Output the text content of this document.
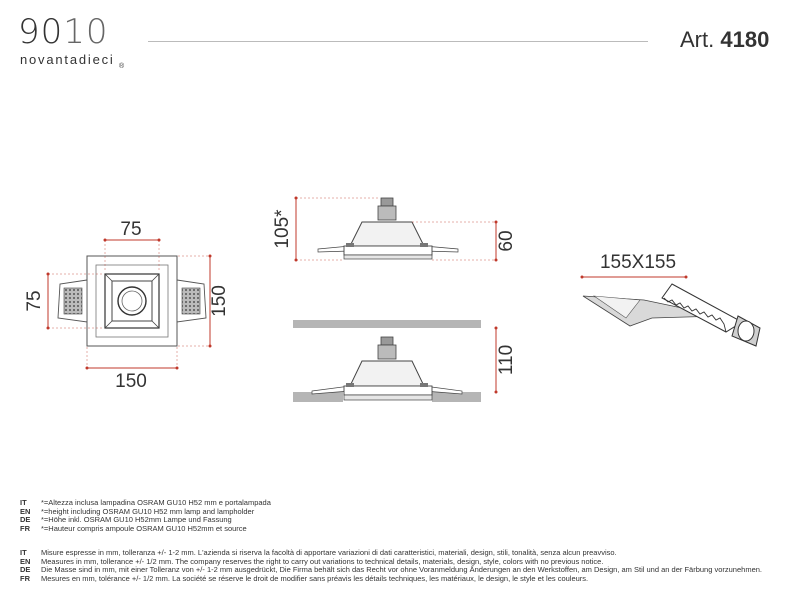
9010
novantadieci ®
Art. 4180
75
75	150
150
105*	60
110
155X155
IT	*=Altezza inclusa lampadina OSRAM GU10 H52 mm e portalampada
EN	*=height including OSRAM GU10 H52 mm lamp and lampholder
DE	*=Höhe inkl. OSRAM GU10 H52mm Lampe und Fassung
FR	*=Hauteur compris ampoule OSRAM GU10 H52mm et source
IT	Misure espresse in mm, tolleranza +/- 1-2 mm. L'azienda si riserva la facoltà di apportare variazioni di dati caratteristici, materiali, design, stili, tonalità, senza alcun preavviso.
EN	Measures in mm, tollerance +/- 1/2 mm. The company reserves the right to carry out variations to technical details, materials, design, style, colors with no previous notice.
DE	Die Masse sind in mm, mit einer Tolleranz von +/- 1-2 mm ausgedrückt, Die Firma behält sich das Recht vor ohne Voranmeldung Änderungen an den Werkstoffen, am Design, am Stil und an der Färbung vorzunehmen.
FR	Mesures en mm, tolérance +/- 1/2 mm. La société se réserve le droit de modifier sans préavis les détails techniques, les matériaux, le design, le style et les couleurs.
